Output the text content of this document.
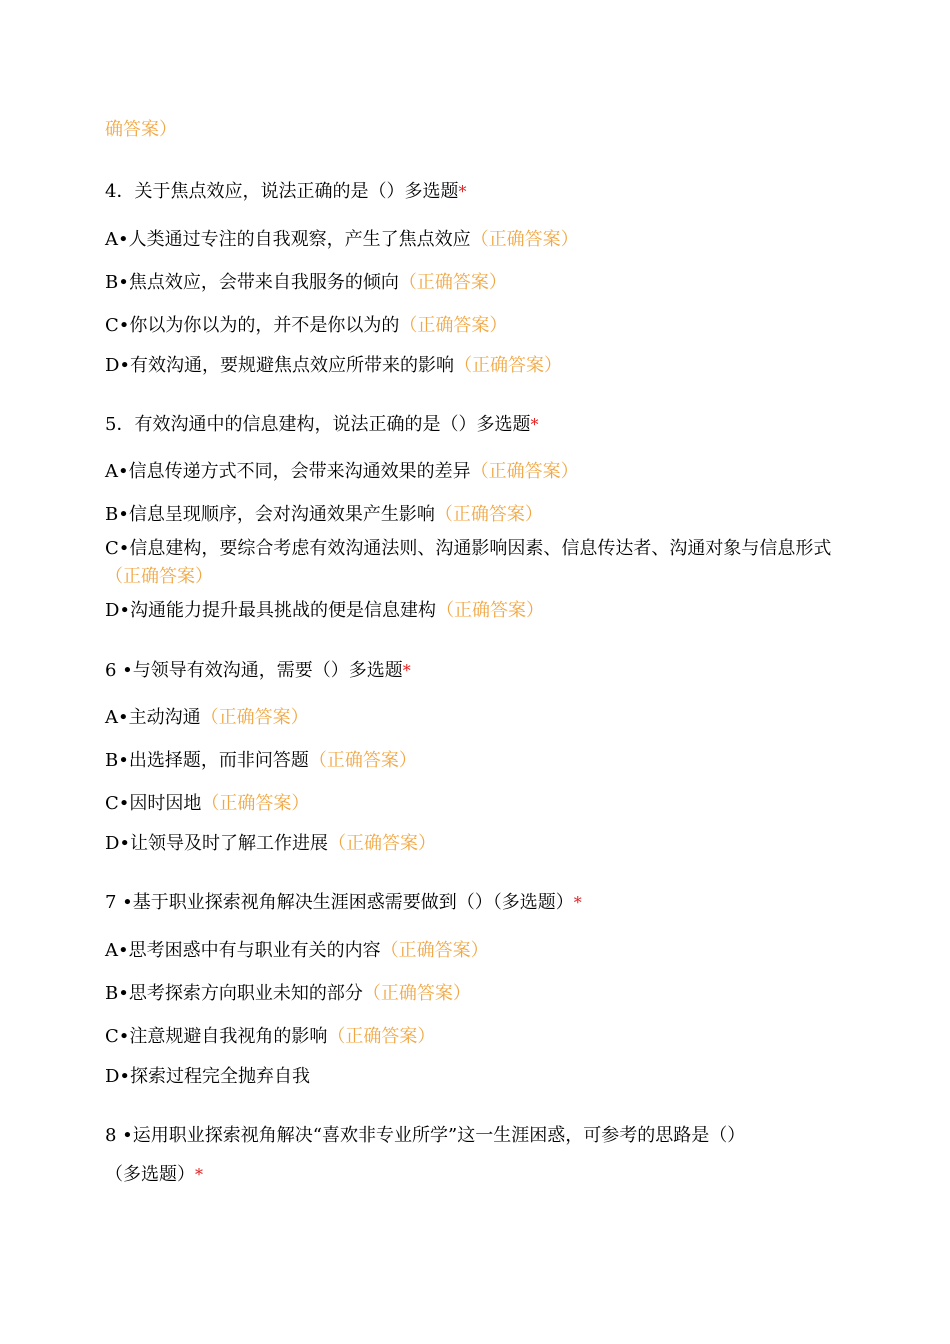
确答案）
4．关于焦点效应，说法正确的是（）多选题*
A•人类通过专注的自我观察，产生了焦点效应（正确答案）
B•焦点效应，会带来自我服务的倾向（正确答案）
C•你以为你以为的，并不是你以为的（正确答案）
D•有效沟通，要规避焦点效应所带来的影响（正确答案）
5．有效沟通中的信息建构，说法正确的是（）多选题*
A•信息传递方式不同，会带来沟通效果的差异（正确答案）
B•信息呈现顺序，会对沟通效果产生影响（正确答案）
C•信息建构，要综合考虑有效沟通法则、沟通影响因素、信息传达者、沟通对象与信息形式（正确答案）
D•沟通能力提升最具挑战的便是信息建构（正确答案）
6 •与领导有效沟通，需要（）多选题*
A•主动沟通（正确答案）
B•出选择题，而非问答题（正确答案）
C•因时因地（正确答案）
D•让领导及时了解工作进展（正确答案）
7 •基于职业探索视角解决生涯困惑需要做到（）（多选题）*
A•思考困惑中有与职业有关的内容（正确答案）
B•思考探索方向职业未知的部分（正确答案）
C•注意规避自我视角的影响（正确答案）
D•探索过程完全抛弃自我
8 •运用职业探索视角解决“喜欢非专业所学”这一生涯困惑，可参考的思路是（）
（多选题）*
